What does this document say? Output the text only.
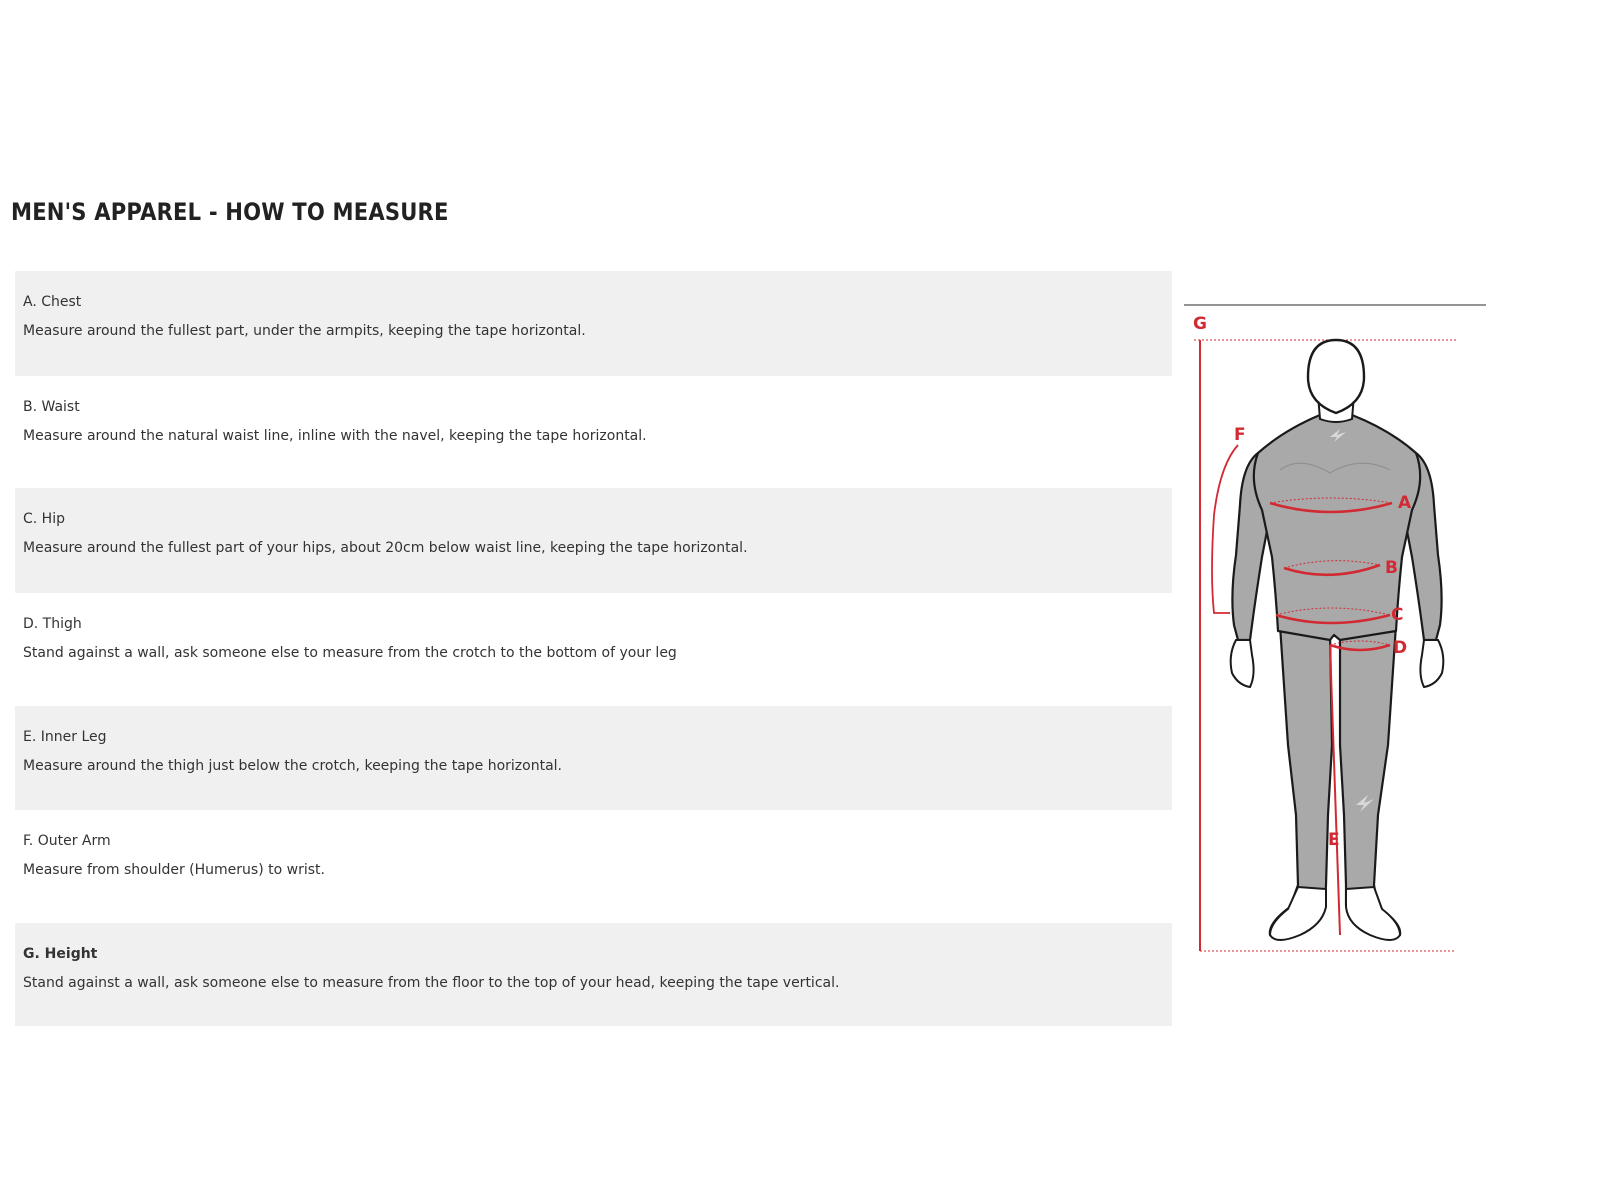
MEN'S APPAREL - HOW TO MEASURE
A. Chest
Measure around the fullest part, under the armpits, keeping the tape horizontal.
B. Waist
Measure around the natural waist line, inline with the navel, keeping the tape horizontal.
C. Hip
Measure around the fullest part of your hips, about 20cm below waist line, keeping the tape horizontal.
D. Thigh
Stand against a wall, ask someone else to measure from the crotch to the bottom of your leg
E. Inner Leg
Measure around the thigh just below the crotch, keeping the tape horizontal.
F. Outer Arm
Measure from shoulder (Humerus) to wrist.
G. Height
Stand against a wall, ask someone else to measure from the floor to the top of your head, keeping the tape vertical.
A
B
C
D
E
F
G
